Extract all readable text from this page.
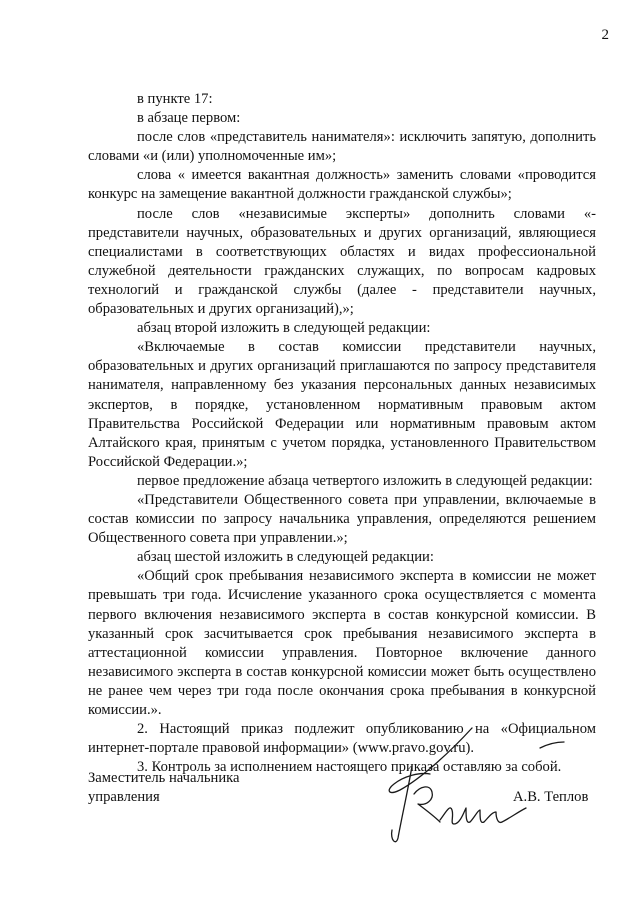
2

в пункте 17:

в абзаце первом:

после слов «представитель нанимателя»: исключить запятую, дополнить словами «и (или) уполномоченные им»;

слова « имеется вакантная должность» заменить словами «проводится конкурс на замещение вакантной должности гражданской службы»;

после слов «независимые эксперты» дополнить словами «- представители научных, образовательных и других организаций, являющиеся специалистами в соответствующих областях и видах профессиональной служебной деятельности гражданских служащих, по вопросам кадровых технологий и гражданской службы (далее - представители научных, образовательных и других организаций),»;

абзац второй изложить в следующей редакции:

«Включаемые в состав комиссии представители научных, образовательных и других организаций приглашаются по запросу представителя нанимателя, направленному без указания персональных данных независимых экспертов, в порядке, установленном нормативным правовым актом Правительства Российской Федерации или нормативным правовым актом Алтайского края, принятым с учетом порядка, установленного Правительством Российской Федерации.»;

первое предложение абзаца четвертого изложить в следующей редакции:

«Представители Общественного совета при управлении, включаемые в состав комиссии по запросу начальника управления, определяются решением Общественного совета при управлении.»;

абзац шестой изложить в следующей редакции:

«Общий срок пребывания независимого эксперта в комиссии не может превышать три года. Исчисление указанного срока осуществляется с момента первого включения независимого эксперта в состав конкурсной комиссии. В указанный срок засчитывается срок пребывания независимого эксперта в аттестационной комиссии управления. Повторное включение данного независимого эксперта в состав конкурсной комиссии может быть осуществлено не ранее чем через три года после окончания срока пребывания в конкурсной комиссии.».

2. Настоящий приказ подлежит опубликованию на «Официальном интернет-портале правовой информации» (www.pravo.gov.ru).

3. Контроль за исполнением настоящего приказа оставляю за собой.

Заместитель начальника
управления	А.В. Теплов
